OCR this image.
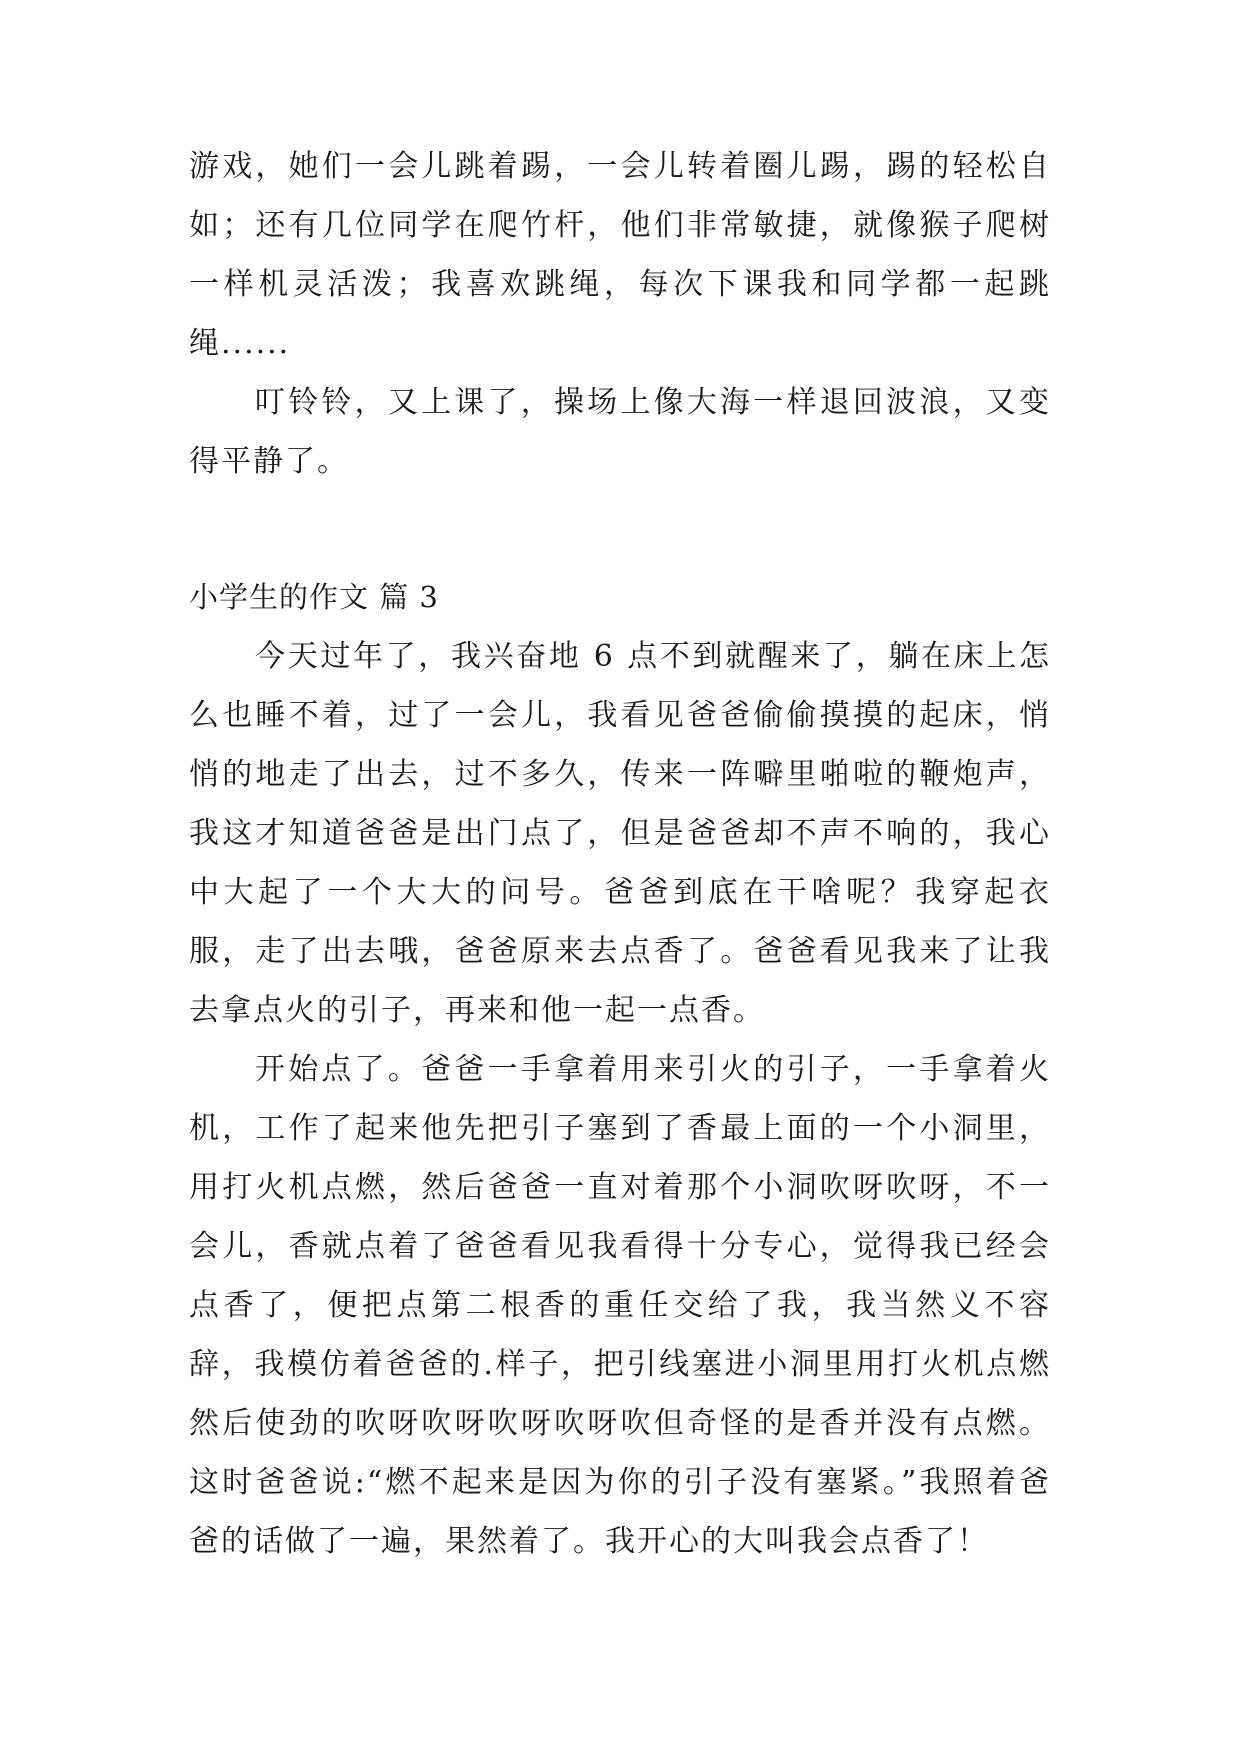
游戏，她们一会儿跳着踢，一会儿转着圈儿踢，踢的轻松自如；还有几位同学在爬竹杆，他们非常敏捷，就像猴子爬树一样机灵活泼；我喜欢跳绳，每次下课我和同学都一起跳绳......

叮铃铃，又上课了，操场上像大海一样退回波浪，又变得平静了。

小学生的作文 篇 3

今天过年了，我兴奋地 6 点不到就醒来了，躺在床上怎么也睡不着，过了一会儿，我看见爸爸偷偷摸摸的起床，悄悄的地走了出去，过不多久，传来一阵噼里啪啦的鞭炮声，我这才知道爸爸是出门点了，但是爸爸却不声不响的，我心中大起了一个大大的问号。爸爸到底在干啥呢？我穿起衣服，走了出去哦，爸爸原来去点香了。爸爸看见我来了让我去拿点火的引子，再来和他一起一点香。

开始点了。爸爸一手拿着用来引火的引子，一手拿着火机，工作了起来他先把引子塞到了香最上面的一个小洞里，用打火机点燃，然后爸爸一直对着那个小洞吹呀吹呀，不一会儿，香就点着了爸爸看见我看得十分专心，觉得我已经会点香了，便把点第二根香的重任交给了我，我当然义不容辞，我模仿着爸爸的.样子，把引线塞进小洞里用打火机点燃然后使劲的吹呀吹呀吹呀吹呀吹但奇怪的是香并没有点燃。这时爸爸说:“燃不起来是因为你的引子没有塞紧。”我照着爸爸的话做了一遍，果然着了。我开心的大叫我会点香了！
